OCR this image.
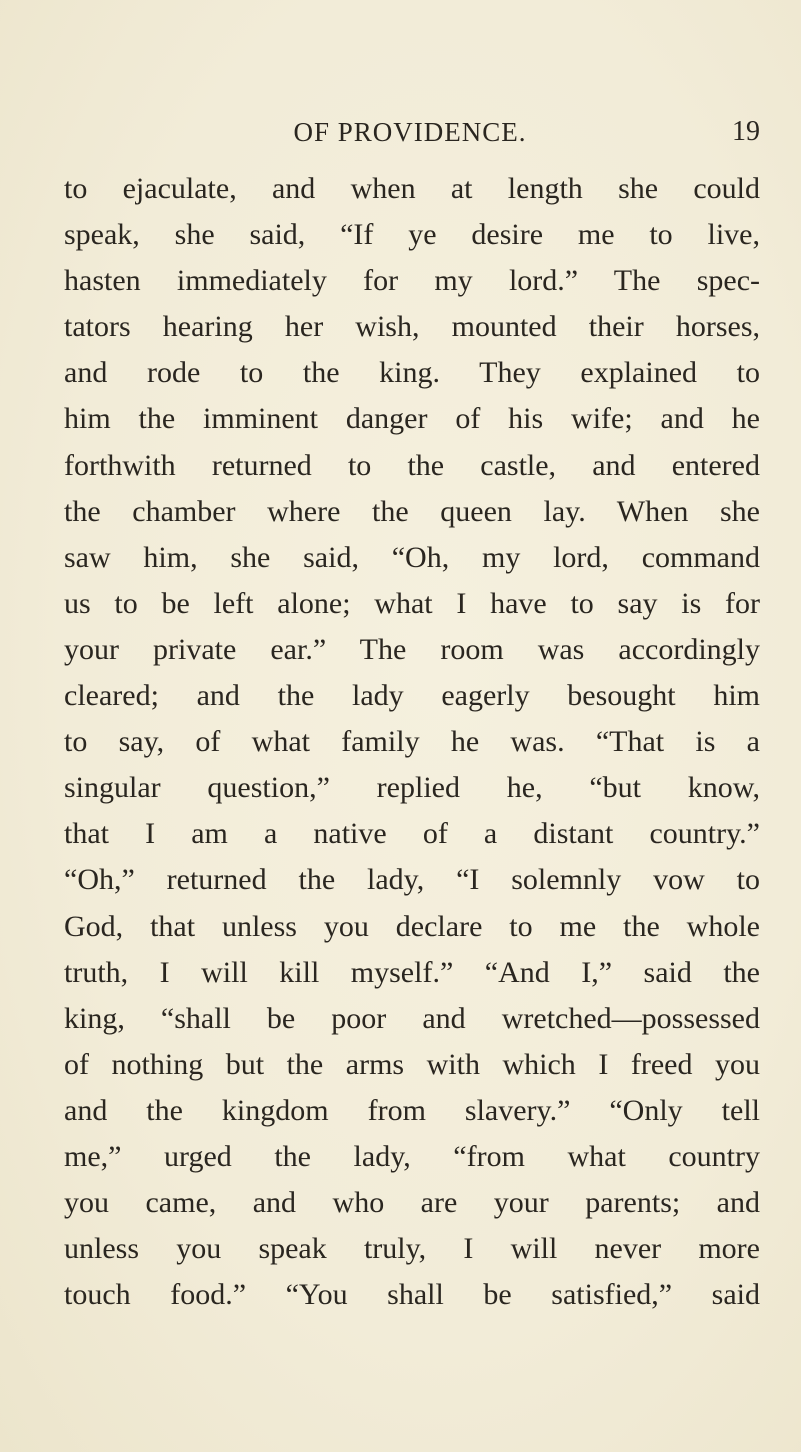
OF PROVIDENCE.	19
to ejaculate, and when at length she could
speak, she said, “If ye desire me to live,
hasten immediately for my lord.” The spec-
tators hearing her wish, mounted their horses,
and rode to the king. They explained to
him the imminent danger of his wife; and he
forthwith returned to the castle, and entered
the chamber where the queen lay. When she
saw him, she said, “Oh, my lord, command
us to be left alone; what I have to say is for
your private ear.” The room was accordingly
cleared; and the lady eagerly besought him
to say, of what family he was. “That is a
singular question,” replied he, “but know,
that I am a native of a distant country.”
“Oh,” returned the lady, “I solemnly vow to
God, that unless you declare to me the whole
truth, I will kill myself.” “And I,” said the
king, “shall be poor and wretched—possessed
of nothing but the arms with which I freed you
and the kingdom from slavery.” “Only tell
me,” urged the lady, “from what country
you came, and who are your parents; and
unless you speak truly, I will never more
touch food.” “You shall be satisfied,” said
